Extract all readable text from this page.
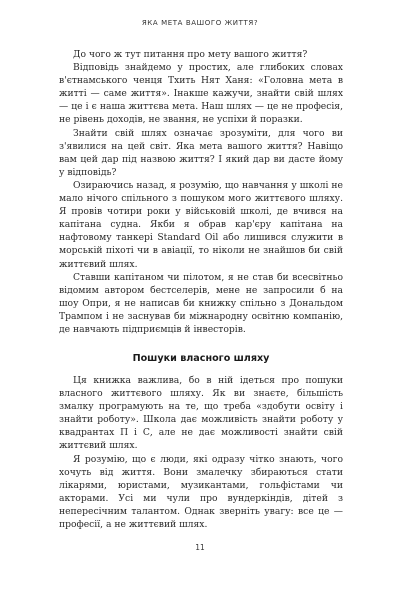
ЯКА МЕТА ВАШОГО ЖИТТЯ?

До чого ж тут питання про мету вашого життя?

Відповідь знайдемо у простих, але глибоких словах в'єтнамського ченця Тхить Нят Ханя: «Головна мета в житті — саме життя». Інакше кажучи, знайти свій шлях — це і є наша життєва мета. Наш шлях — це не професія, не рівень доходів, не звання, не успіхи й поразки.

Знайти свій шлях означає зрозуміти, для чого ви з'явилися на цей світ. Яка мета вашого життя? Навіщо вам цей дар під назвою життя? І який дар ви дасте йому у відповідь?

Озираючись назад, я розумію, що навчання у школі не мало нічого спільного з пошуком мого життєвого шляху. Я провів чотири роки у військовій школі, де вчився на капітана судна. Якби я обрав кар'єру капітана на нафтовому танкері Standard Oil або лишився служити в морській піхоті чи в авіації, то ніколи не знайшов би свій життєвий шлях.

Ставши капітаном чи пілотом, я не став би всесвітньо відомим автором бестселерів, мене не запросили б на шоу Опри, я не написав би книжку спільно з Дональдом Трампом і не заснував би міжнародну освітню компанію, де навчають підприємців й інвесторів.

Пошуки власного шляху

Ця книжка важлива, бо в ній ідеться про пошуки власного життєвого шляху. Як ви знаєте, більшість змалку програмують на те, що треба «здобути освіту і знайти роботу». Школа дає можливість знайти роботу у квадрантах П і С, але не дає можливості знайти свій життєвий шлях.

Я розумію, що є люди, які одразу чітко знають, чого хочуть від життя. Вони змалечку збираються стати лікарями, юристами, музикантами, гольфістами чи акторами. Усі ми чули про вундеркіндів, дітей з непересічним талантом. Однак зверніть увагу: все це — професії, а не життєвий шлях.

11
